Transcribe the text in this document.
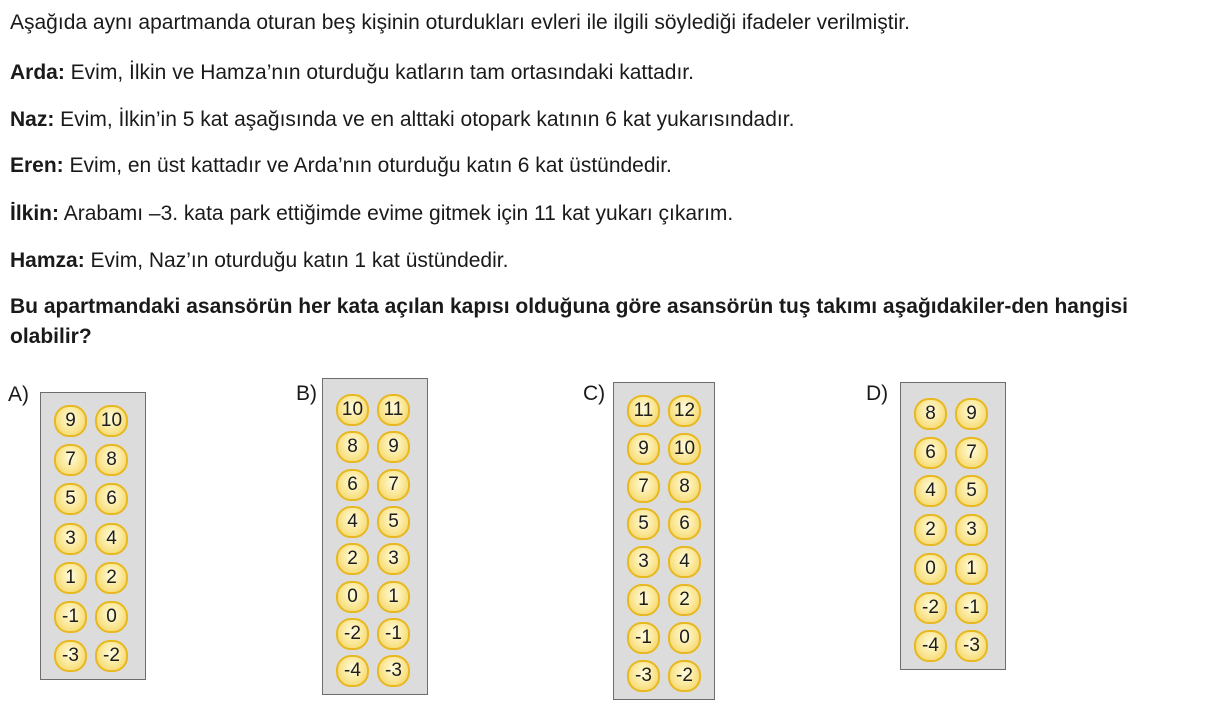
Aşağıda aynı apartmanda oturan beş kişinin oturdukları evleri ile ilgili söylediği ifadeler verilmiştir.
Arda: Evim, İlkin ve Hamza’nın oturduğu katların tam ortasındaki kattadır.
Naz: Evim, İlkin’in 5 kat aşağısında ve en alttaki otopark katının 6 kat yukarısındadır.
Eren: Evim, en üst kattadır ve Arda’nın oturduğu katın 6 kat üstündedir.
İlkin: Arabamı –3. kata park ettiğimde evime gitmek için 11 kat yukarı çıkarım.
Hamza: Evim, Naz’ın oturduğu katın 1 kat üstündedir.
Bu apartmandaki asansörün her kata açılan kapısı olduğuna göre asansörün tuş takımı aşağıdakiler-den hangisi olabilir?
A)
9	10
7	8
5	6
3	4
1	2
-1	0
-3	-2
B)
10	11
8	9
6	7
4	5
2	3
0	1
-2	-1
-4	-3
C)
11	12
9	10
7	8
5	6
3	4
1	2
-1	0
-3	-2
D)
8	9
6	7
4	5
2	3
0	1
-2	-1
-4	-3
